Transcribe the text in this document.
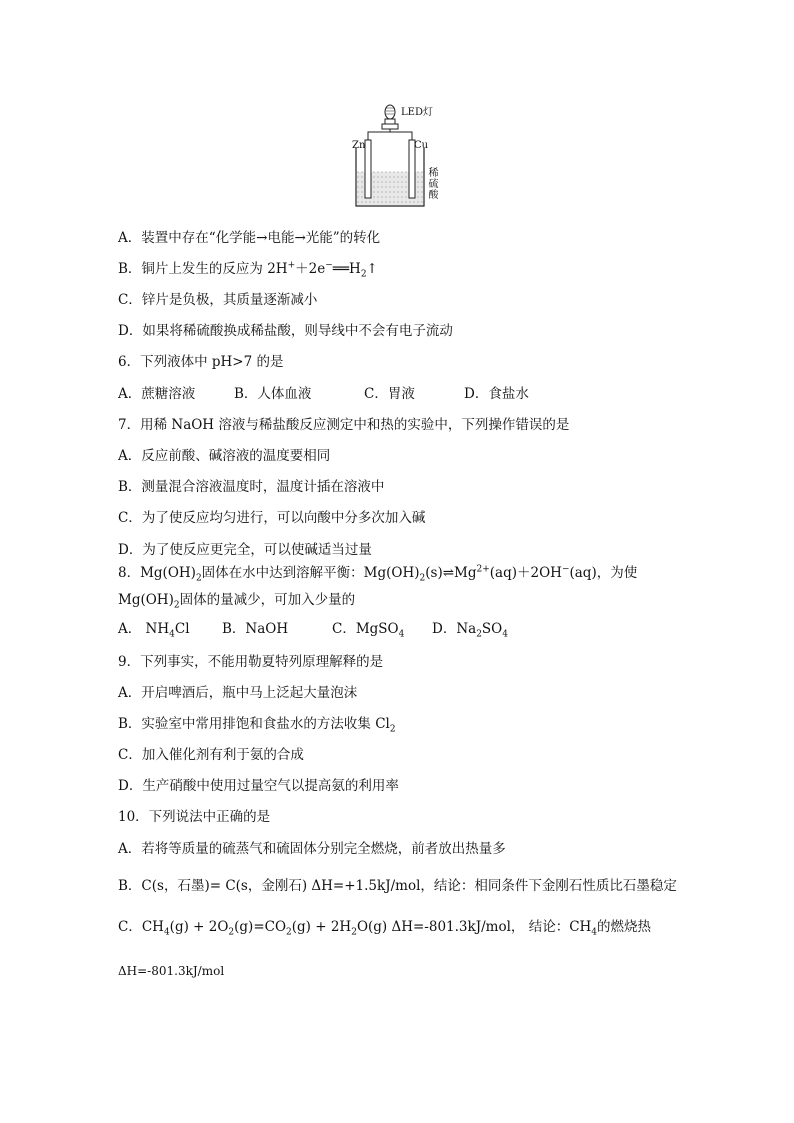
LED灯
Zn	Cu
稀硫酸
A．装置中存在“化学能→电能→光能”的转化
B．铜片上发生的反应为 $2H^++2e^-══H_2↑$
C．锌片是负极，其质量逐渐减小
D．如果将稀硫酸换成稀盐酸，则导线中不会有电子流动
6．下列液体中 pH>7 的是
A．蔗糖溶液	B．人体血液	C．胃液	D．食盐水
7．用稀 NaOH 溶液与稀盐酸反应测定中和热的实验中，下列操作错误的是
A．反应前酸、碱溶液的温度要相同
B．测量混合溶液温度时，温度计插在溶液中
C．为了使反应均匀进行，可以向酸中分多次加入碱
D．为了使反应更完全，可以使碱适当过量
8．$Mg(OH)_2$固体在水中达到溶解平衡：$Mg(OH)_2(s)\rightleftharpoons Mg^{2+}(aq)+2OH^-(aq)$，为使
$Mg(OH)_2$固体的量减少，可加入少量的
A． $NH_4Cl$ B．NaOH	C．MgSO$_4$ D．$Na_2SO_4$
9．下列事实，不能用勒夏特列原理解释的是
A．开启啤酒后，瓶中马上泛起大量泡沫
B．实验室中常用排饱和食盐水的方法收集 $Cl_2$
C．加入催化剂有利于氨的合成
D．生产硝酸中使用过量空气以提高氨的利用率
10．下列说法中正确的是
A．若将等质量的硫蒸气和硫固体分别完全燃烧，前者放出热量多
B．C(s，石墨)= C(s，金刚石) ΔH=+1.5kJ/mol，结论：相同条件下金刚石性质比石墨稳定
C．$CH_4(g) + 2O_2(g)=CO_2(g) + 2H_2O(g)$ ΔH=-801.3kJ/mol， 结论：$CH_4$的燃烧热
ΔH=-801.3kJ/mol
